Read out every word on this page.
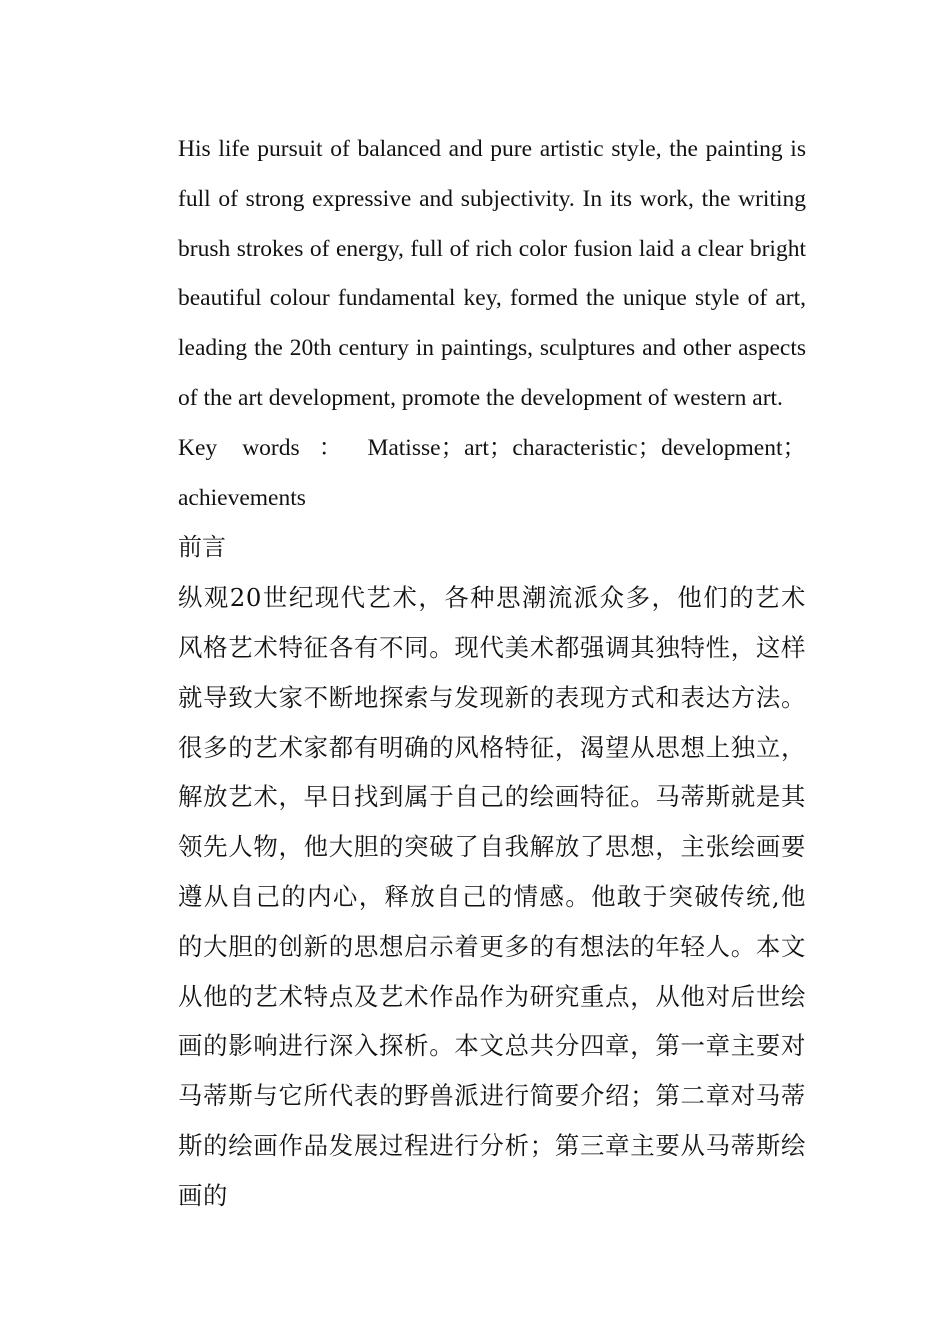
His life pursuit of balanced and pure artistic style, the painting is full of strong expressive and subjectivity. In its work, the writing brush strokes of energy, full of rich color fusion laid a clear bright beautiful colour fundamental key, formed the unique style of art, leading the 20th century in paintings, sculptures and other aspects of the art development, promote the development of western art.

Key words： Matisse；art；characteristic；development； achievements

前言

纵观20世纪现代艺术，各种思潮流派众多，他们的艺术风格艺术特征各有不同。现代美术都强调其独特性，这样就导致大家不断地探索与发现新的表现方式和表达方法。很多的艺术家都有明确的风格特征，渴望从思想上独立，解放艺术，早日找到属于自己的绘画特征。马蒂斯就是其领先人物，他大胆的突破了自我解放了思想，主张绘画要遵从自己的内心，释放自己的情感。他敢于突破传统,他的大胆的创新的思想启示着更多的有想法的年轻人。本文从他的艺术特点及艺术作品作为研究重点，从他对后世绘画的影响进行深入探析。本文总共分四章，第一章主要对马蒂斯与它所代表的野兽派进行简要介绍；第二章对马蒂斯的绘画作品发展过程进行分析；第三章主要从马蒂斯绘画的
